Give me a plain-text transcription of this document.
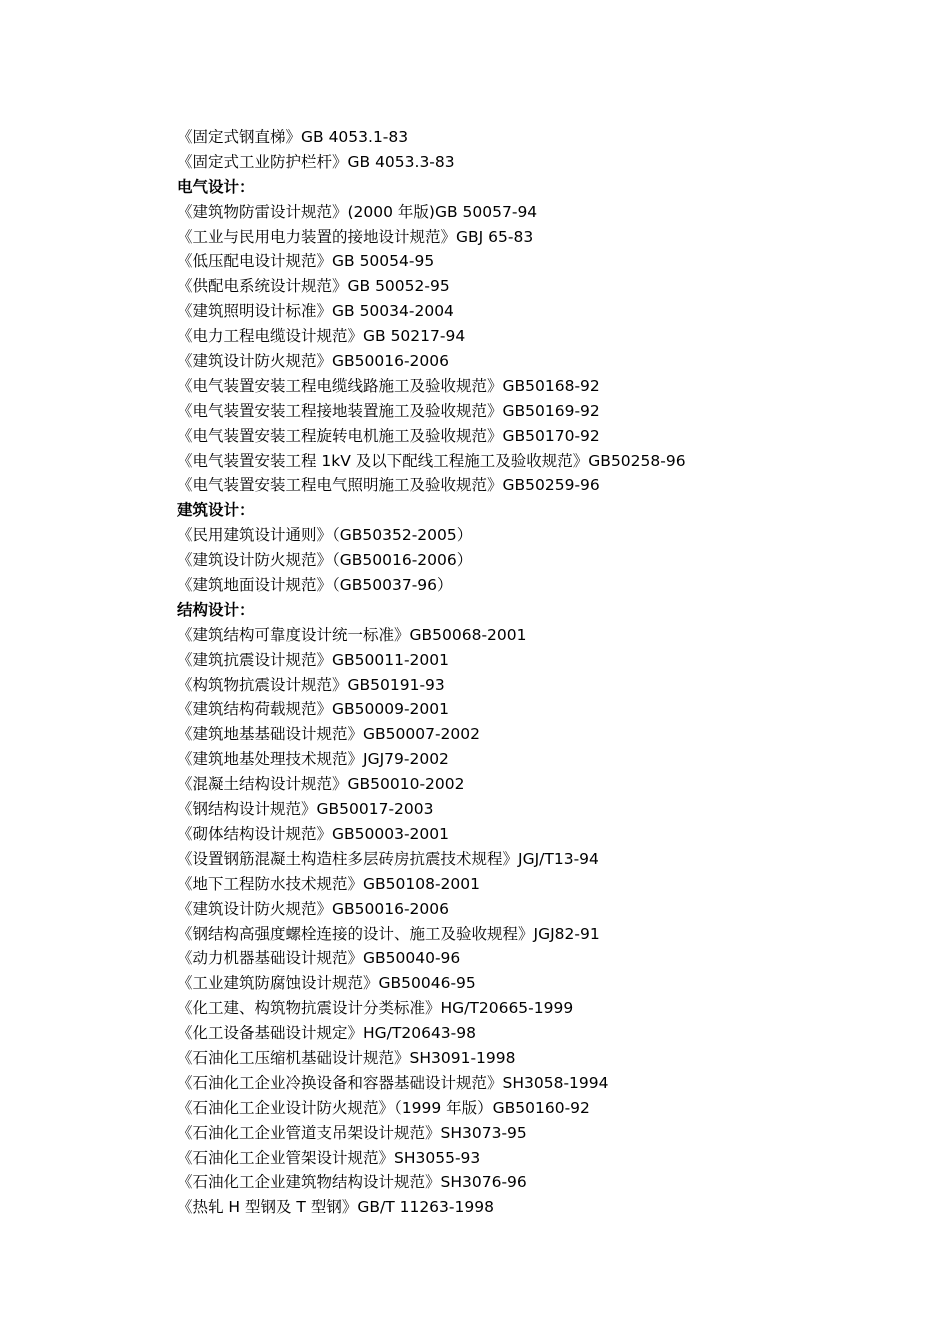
《固定式钢直梯》GB 4053.1-83
《固定式工业防护栏杆》GB 4053.3-83
电气设计：
《建筑物防雷设计规范》(2000 年版)GB 50057-94
《工业与民用电力装置的接地设计规范》GBJ 65-83
《低压配电设计规范》GB 50054-95
《供配电系统设计规范》GB 50052-95
《建筑照明设计标准》GB 50034-2004
《电力工程电缆设计规范》GB 50217-94
《建筑设计防火规范》GB50016-2006
《电气装置安装工程电缆线路施工及验收规范》GB50168-92
《电气装置安装工程接地装置施工及验收规范》GB50169-92
《电气装置安装工程旋转电机施工及验收规范》GB50170-92
《电气装置安装工程 1kV 及以下配线工程施工及验收规范》GB50258-96
《电气装置安装工程电气照明施工及验收规范》GB50259-96
建筑设计：
《民用建筑设计通则》（GB50352-2005）
《建筑设计防火规范》（GB50016-2006）
《建筑地面设计规范》（GB50037-96）
结构设计：
《建筑结构可靠度设计统一标准》GB50068-2001
《建筑抗震设计规范》GB50011-2001
《构筑物抗震设计规范》GB50191-93
《建筑结构荷载规范》GB50009-2001
《建筑地基基础设计规范》GB50007-2002
《建筑地基处理技术规范》JGJ79-2002
《混凝土结构设计规范》GB50010-2002
《钢结构设计规范》GB50017-2003
《砌体结构设计规范》GB50003-2001
《设置钢筋混凝土构造柱多层砖房抗震技术规程》JGJ/T13-94
《地下工程防水技术规范》GB50108-2001
《建筑设计防火规范》GB50016-2006
《钢结构高强度螺栓连接的设计、施工及验收规程》JGJ82-91
《动力机器基础设计规范》GB50040-96
《工业建筑防腐蚀设计规范》GB50046-95
《化工建、构筑物抗震设计分类标准》HG/T20665-1999
《化工设备基础设计规定》HG/T20643-98
《石油化工压缩机基础设计规范》SH3091-1998
《石油化工企业冷换设备和容器基础设计规范》SH3058-1994
《石油化工企业设计防火规范》（1999 年版）GB50160-92
《石油化工企业管道支吊架设计规范》SH3073-95
《石油化工企业管架设计规范》SH3055-93
《石油化工企业建筑物结构设计规范》SH3076-96
《热轧 H 型钢及 T 型钢》GB/T 11263-1998
